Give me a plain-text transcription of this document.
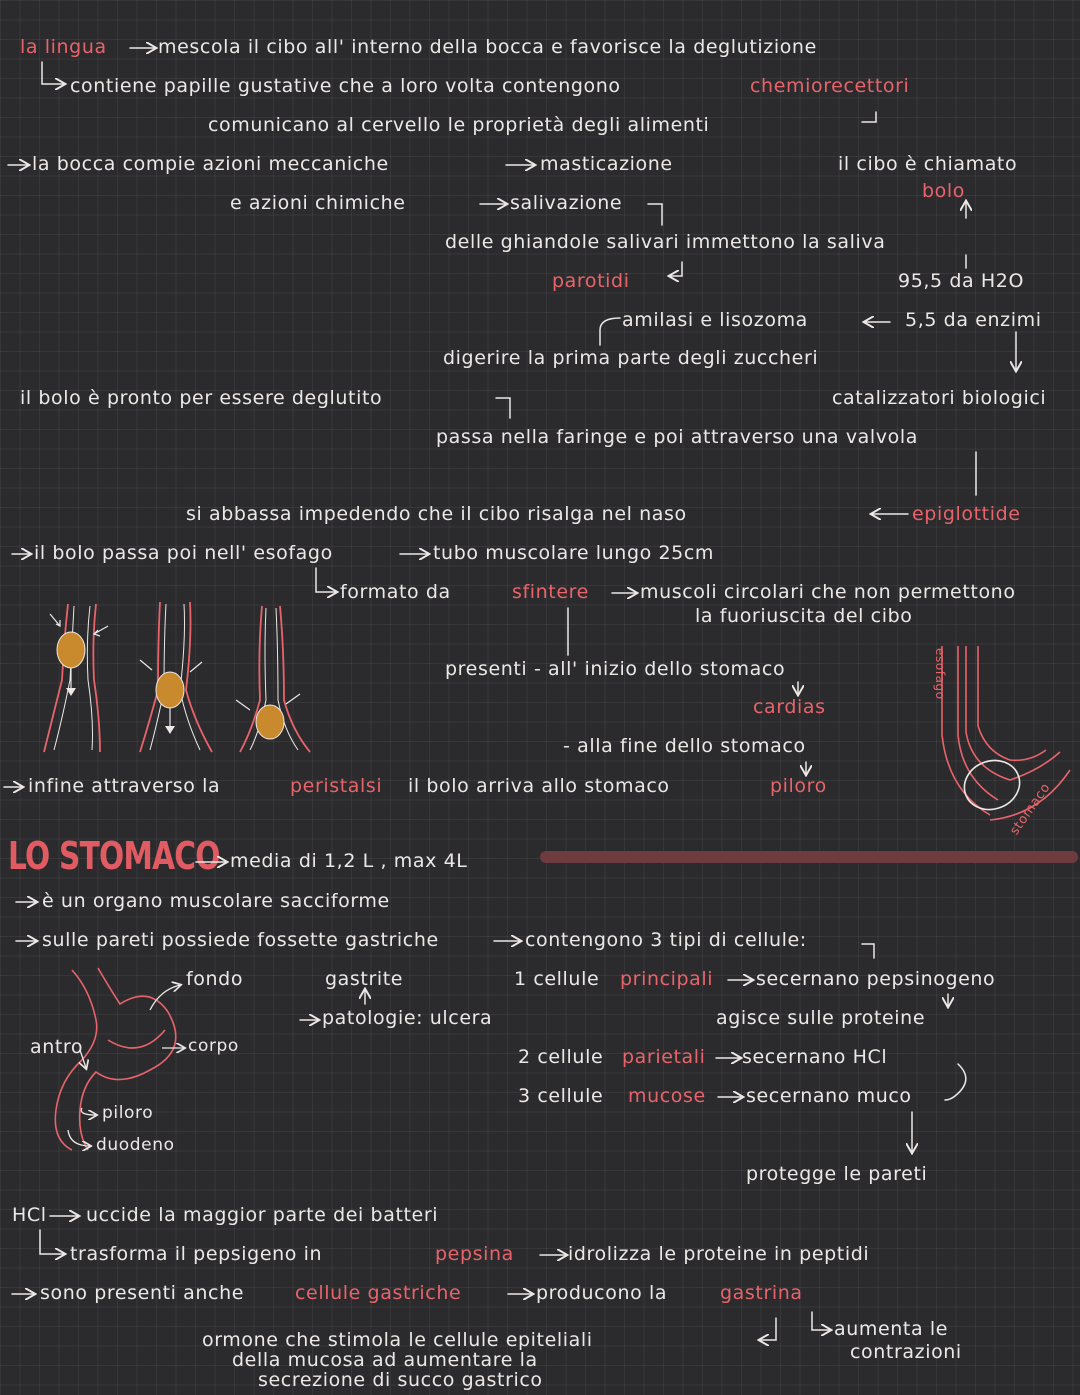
la lingua	mescola il cibo all' interno della bocca e favorisce la deglutizione
contiene papille gustative che a loro volta contengono	chemiorecettori
comunicano al cervello le proprietà degli alimenti
la bocca compie azioni meccaniche	masticazione	il cibo è chiamato
bolo
e azioni chimiche	salivazione
delle ghiandole salivari immettono la saliva
parotidi	95,5 da H2O
amilasi e lisozoma	5,5 da enzimi
digerire la prima parte degli zuccheri
il bolo è pronto per essere deglutito	catalizzatori biologici
passa nella faringe e poi attraverso una valvola
si abbassa impedendo che il cibo risalga nel naso	epiglottide
il bolo passa poi nell' esofago	tubo muscolare lungo 25cm
formato da	sfintere	muscoli circolari che non permettono
la fuoriuscita del cibo
presenti - all' inizio dello stomaco
cardias
- alla fine dello stomaco
piloro
infine attraverso la	peristalsi il bolo arriva allo stomaco
esofago
stomaco
LO STOMACO media di 1,2 L , max 4L
è un organo muscolare sacciforme
sulle pareti possiede fossette gastriche	contengono 3 tipi di cellule:
fondo	gastrite
patologie: ulcera
1 cellule principali secernano pepsinogeno
agisce sulle proteine
antro	corpo	2 cellule parietali secernano HCl
3 cellule mucose secernano muco
piloro
duodeno
protegge le pareti
HCl uccide la maggior parte dei batteri
trasforma il pepsigeno in	pepsina	idrolizza le proteine in peptidi
sono presenti anche	cellule gastriche	producono la	gastrina
aumenta le
contrazioni
ormone che stimola le cellule epiteliali
della mucosa ad aumentare la
secrezione di succo gastrico
